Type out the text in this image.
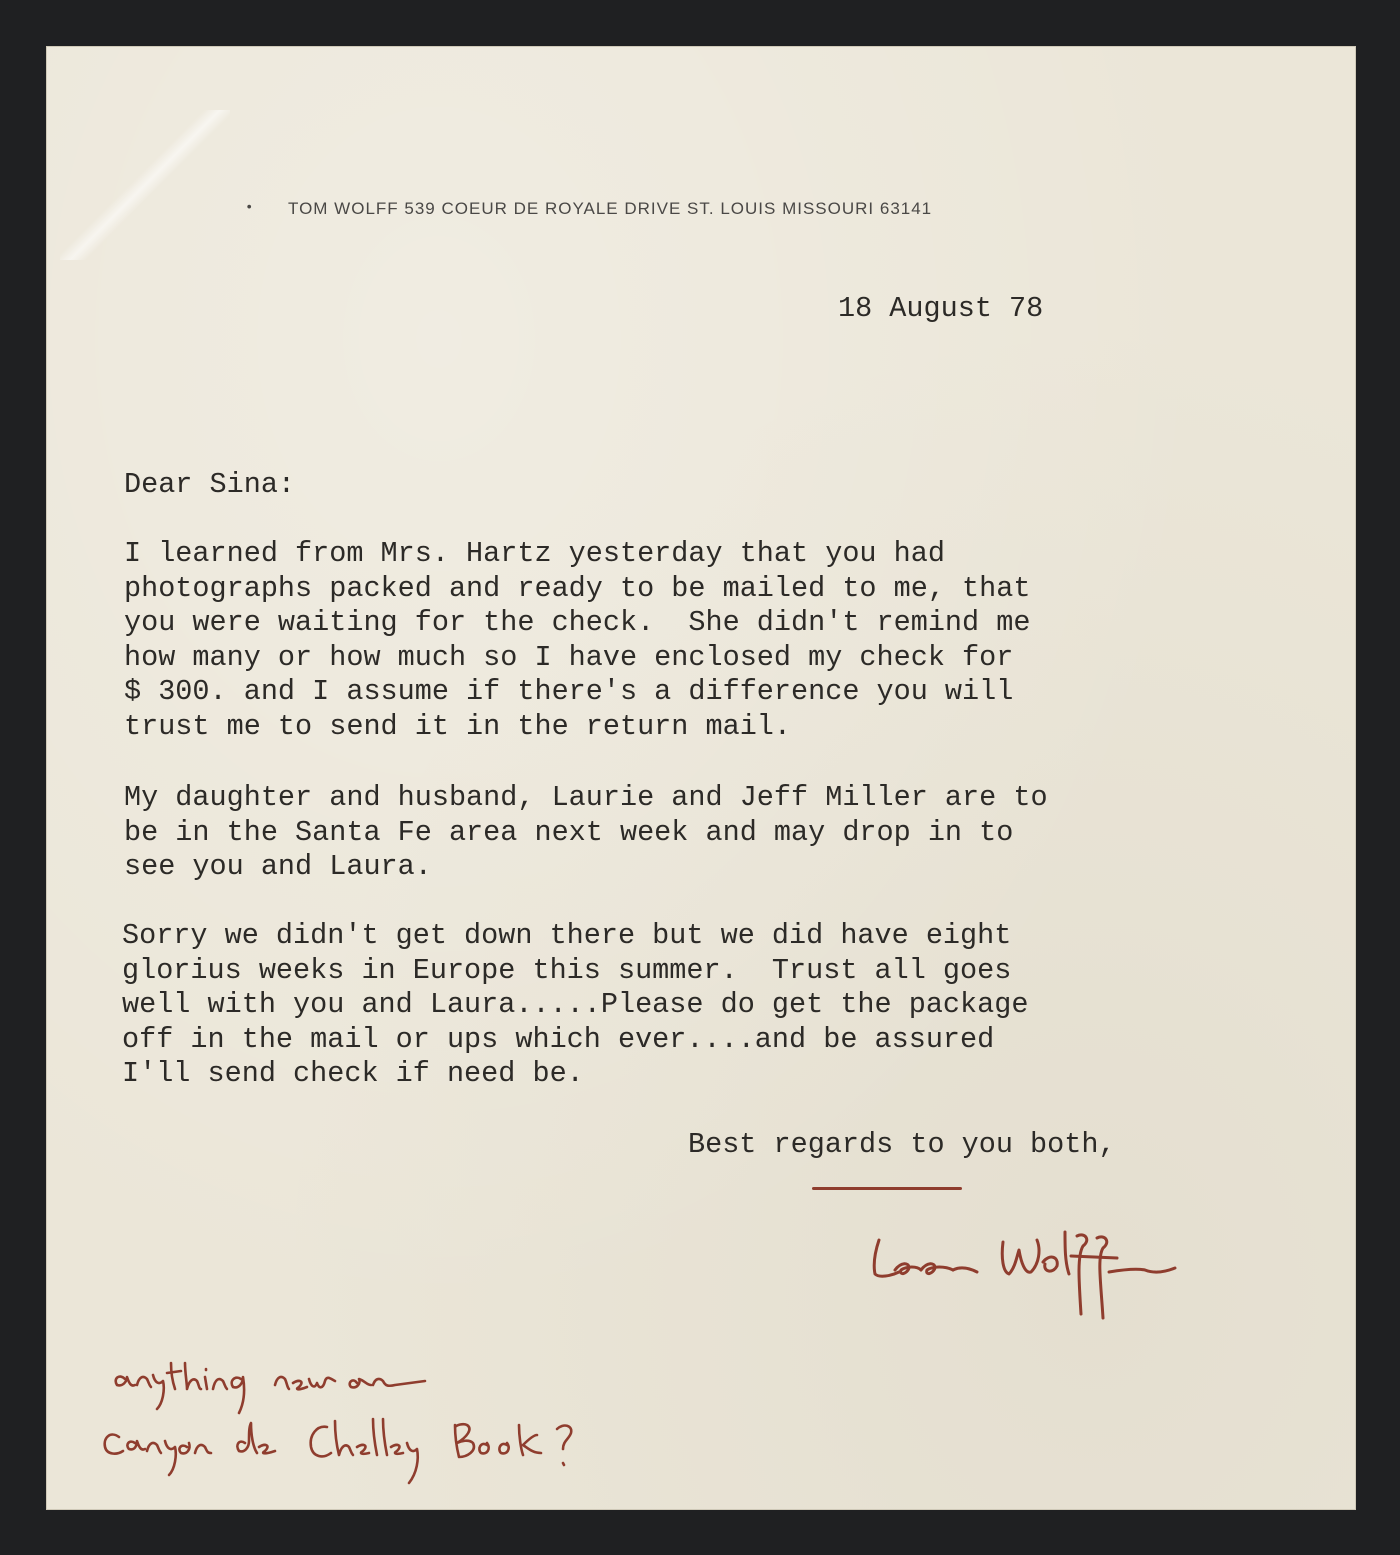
• TOM WOLFF 539 COEUR DE ROYALE DRIVE ST. LOUIS MISSOURI 63141
18 August 78
Dear Sina:
I learned from Mrs. Hartz yesterday that you had
photographs packed and ready to be mailed to me, that
you were waiting for the check.  She didn't remind me
how many or how much so I have enclosed my check for
$ 300. and I assume if there's a difference you will
trust me to send it in the return mail.
My daughter and husband, Laurie and Jeff Miller are to
be in the Santa Fe area next week and may drop in to
see you and Laura.
Sorry we didn't get down there but we did have eight
glorius weeks in Europe this summer.  Trust all goes
well with you and Laura.....Please do get the package
off in the mail or ups which ever....and be assured
I'll send check if need be.
Best regards to you both,
